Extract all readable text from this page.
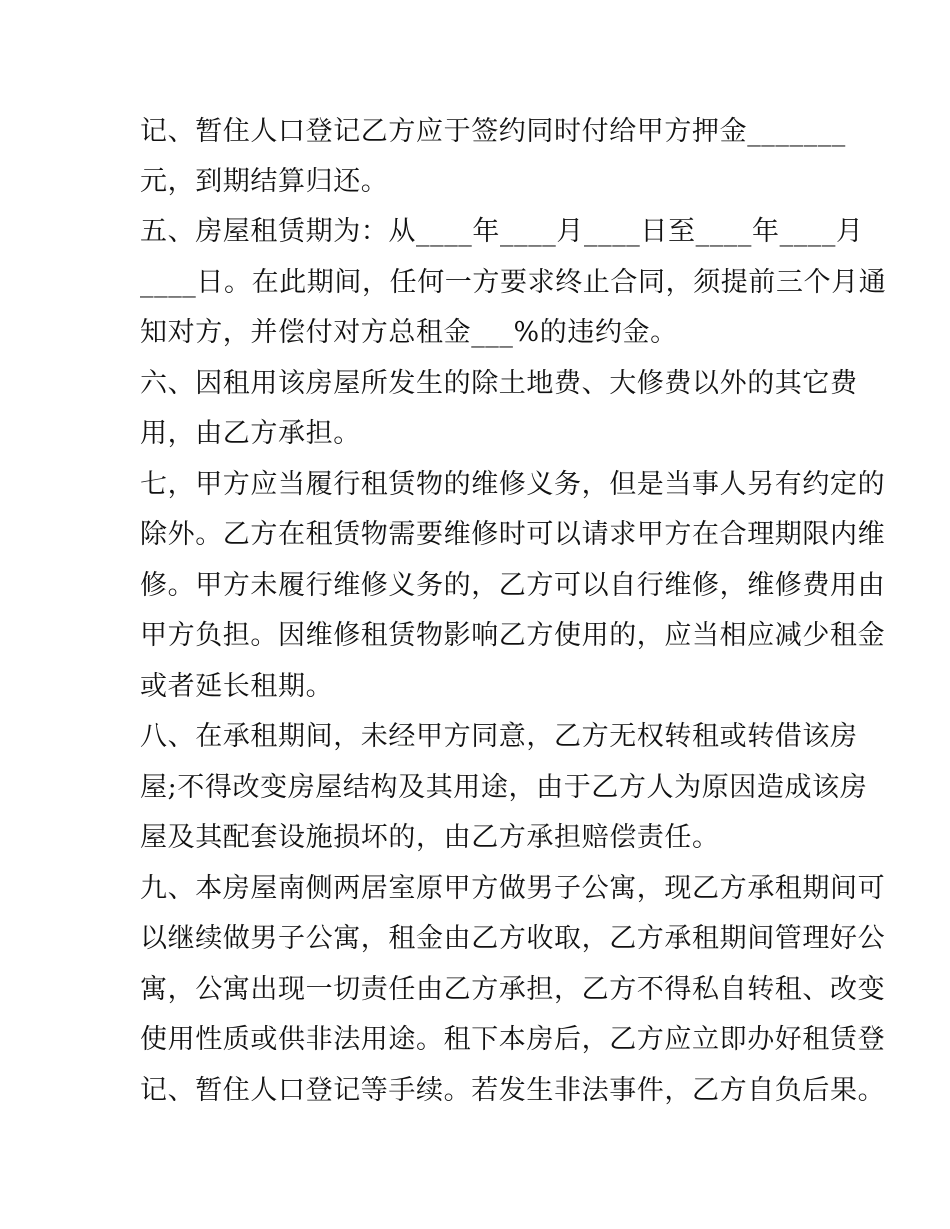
记、暂住人口登记乙方应于签约同时付给甲方押金_______
元，到期结算归还。
五、房屋租赁期为：从____年____月____日至____年____月
____日。在此期间，任何一方要求终止合同，须提前三个月通
知对方，并偿付对方总租金___%的违约金。
六、因租用该房屋所发生的除土地费、大修费以外的其它费
用，由乙方承担。
七，甲方应当履行租赁物的维修义务，但是当事人另有约定的
除外。乙方在租赁物需要维修时可以请求甲方在合理期限内维
修。甲方未履行维修义务的，乙方可以自行维修，维修费用由
甲方负担。因维修租赁物影响乙方使用的，应当相应减少租金
或者延长租期。
八、在承租期间，未经甲方同意，乙方无权转租或转借该房
屋;不得改变房屋结构及其用途，由于乙方人为原因造成该房
屋及其配套设施损坏的，由乙方承担赔偿责任。
九、本房屋南侧两居室原甲方做男子公寓，现乙方承租期间可
以继续做男子公寓，租金由乙方收取，乙方承租期间管理好公
寓，公寓出现一切责任由乙方承担，乙方不得私自转租、改变
使用性质或供非法用途。租下本房后，乙方应立即办好租赁登
记、暂住人口登记等手续。若发生非法事件，乙方自负后果。
